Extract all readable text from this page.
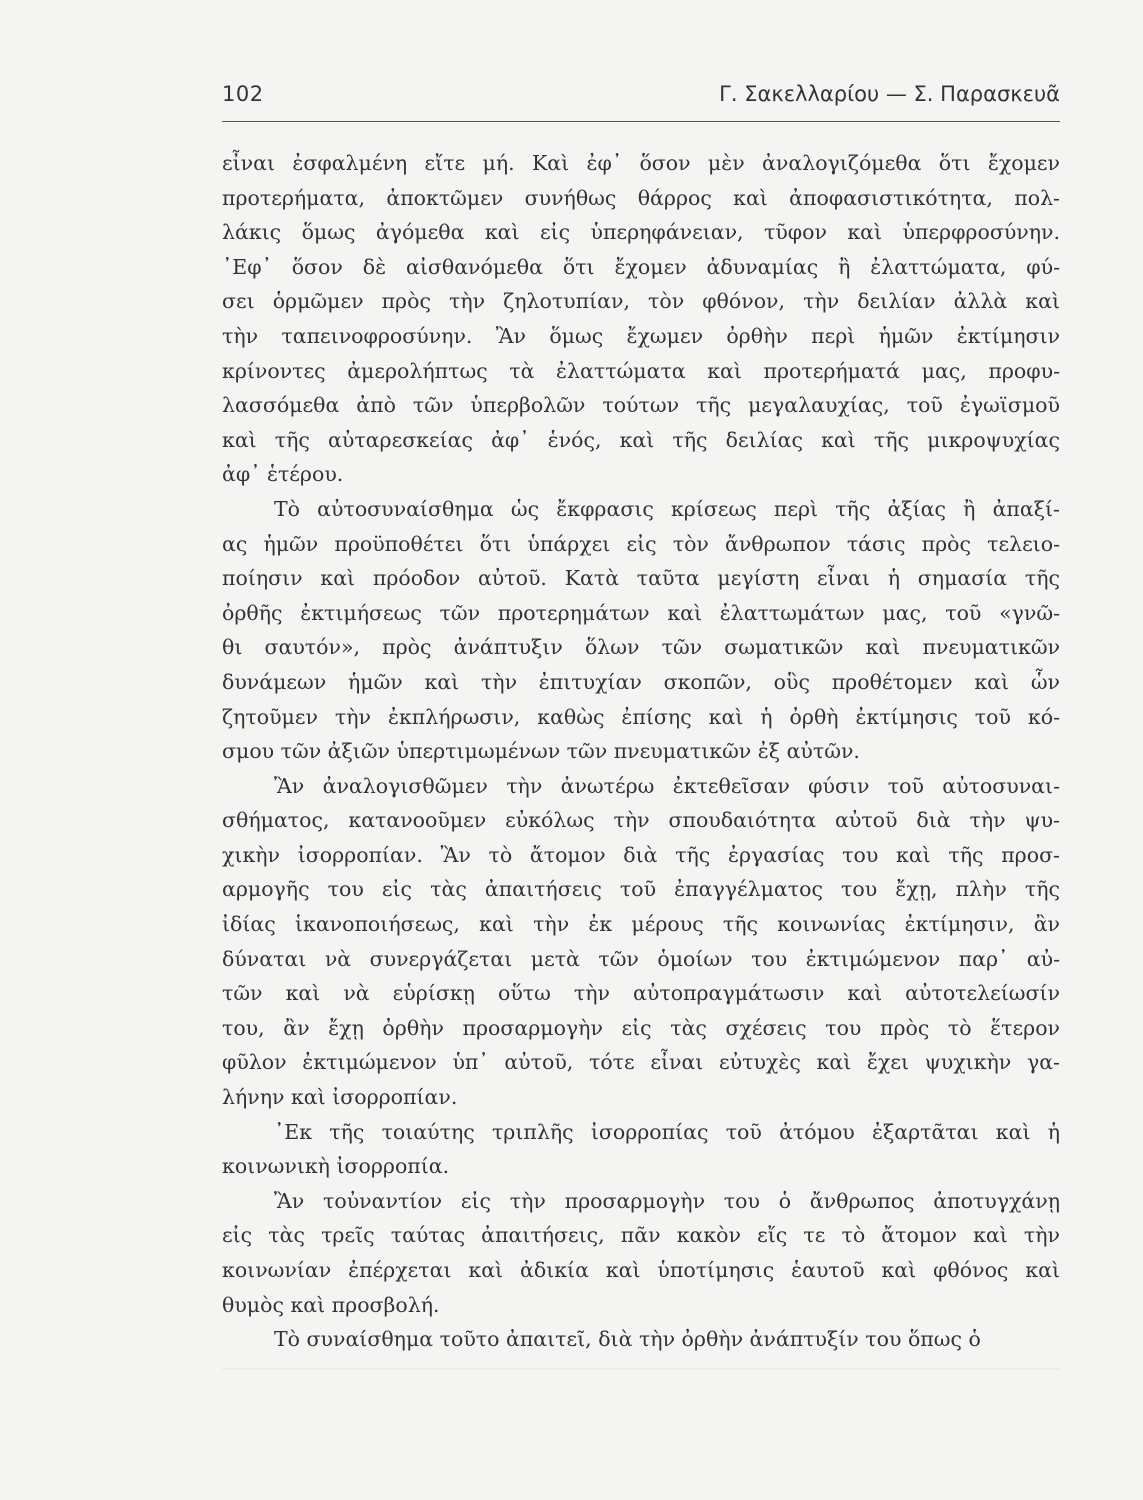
102	Γ. Σακελλαρίου — Σ. Παρασκευᾶ
εἶναι ἐσφαλμένη εἴτε μή. Καὶ ἐφ᾽ ὅσον μὲν ἀναλογιζόμεθα ὅτι ἔχομεν
προτερήματα, ἀποκτῶμεν συνήθως θάρρος καὶ ἀποφασιστικότητα, πολ-
λάκις ὅμως ἀγόμεθα καὶ εἰς ὑπερηφάνειαν, τῦφον καὶ ὑπερφροσύνην.
᾿Εφ᾽ ὅσον δὲ αἰσθανόμεθα ὅτι ἔχομεν ἀδυναμίας ἢ ἐλαττώματα, φύ-
σει ὁρμῶμεν πρὸς τὴν ζηλοτυπίαν, τὸν φθόνον, τὴν δειλίαν ἀλλὰ καὶ
τὴν ταπεινοφροσύνην. Ἂν ὅμως ἔχωμεν ὀρθὴν περὶ ἡμῶν ἐκτίμησιν
κρίνοντες ἀμερολήπτως τὰ ἐλαττώματα καὶ προτερήματά μας, προφυ-
λασσόμεθα ἀπὸ τῶν ὑπερβολῶν τούτων τῆς μεγαλαυχίας, τοῦ ἐγωϊσμοῦ
καὶ τῆς αὐταρεσκείας ἀφ᾽ ἑνός, καὶ τῆς δειλίας καὶ τῆς μικροψυχίας
ἀφ᾽ ἑτέρου.
Τὸ αὐτοσυναίσθημα ὡς ἔκφρασις κρίσεως περὶ τῆς ἀξίας ἢ ἀπαξί-
ας ἡμῶν προϋποθέτει ὅτι ὑπάρχει εἰς τὸν ἄνθρωπον τάσις πρὸς τελειο-
ποίησιν καὶ πρόοδον αὐτοῦ. Κατὰ ταῦτα μεγίστη εἶναι ἡ σημασία τῆς
ὀρθῆς ἐκτιμήσεως τῶν προτερημάτων καὶ ἐλαττωμάτων μας, τοῦ «γνῶ-
θι σαυτόν», πρὸς ἀνάπτυξιν ὅλων τῶν σωματικῶν καὶ πνευματικῶν
δυνάμεων ἡμῶν καὶ τὴν ἐπιτυχίαν σκοπῶν, οὓς προθέτομεν καὶ ὧν
ζητοῦμεν τὴν ἐκπλήρωσιν, καθὼς ἐπίσης καὶ ἡ ὀρθὴ ἐκτίμησις τοῦ κό-
σμου τῶν ἀξιῶν ὑπερτιμωμένων τῶν πνευματικῶν ἐξ αὐτῶν.
Ἂν ἀναλογισθῶμεν τὴν ἀνωτέρω ἐκτεθεῖσαν φύσιν τοῦ αὐτοσυναι-
σθήματος, κατανοοῦμεν εὐκόλως τὴν σπουδαιότητα αὐτοῦ διὰ τὴν ψυ-
χικὴν ἰσορροπίαν. Ἂν τὸ ἄτομον διὰ τῆς ἐργασίας του καὶ τῆς προσ-
αρμογῆς του εἰς τὰς ἀπαιτήσεις τοῦ ἐπαγγέλματος του ἔχῃ, πλὴν τῆς
ἰδίας ἱκανοποιήσεως, καὶ τὴν ἐκ μέρους τῆς κοινωνίας ἐκτίμησιν, ἂν
δύναται νὰ συνεργάζεται μετὰ τῶν ὁμοίων του ἐκτιμώμενον παρ᾽ αὐ-
τῶν καὶ νὰ εὑρίσκῃ οὕτω τὴν αὐτοπραγμάτωσιν καὶ αὐτοτελείωσίν
του, ἂν ἔχῃ ὀρθὴν προσαρμογὴν εἰς τὰς σχέσεις του πρὸς τὸ ἕτερον
φῦλον ἐκτιμώμενον ὑπ᾽ αὐτοῦ, τότε εἶναι εὐτυχὲς καὶ ἔχει ψυχικὴν γα-
λήνην καὶ ἰσορροπίαν.
᾿Εκ τῆς τοιαύτης τριπλῆς ἰσορροπίας τοῦ ἀτόμου ἐξαρτᾶται καὶ ἡ
κοινωνικὴ ἰσορροπία.
Ἂν τοὐναντίον εἰς τὴν προσαρμογὴν του ὁ ἄνθρωπος ἀποτυγχάνῃ
εἰς τὰς τρεῖς ταύτας ἀπαιτήσεις, πᾶν κακὸν εἴς τε τὸ ἄτομον καὶ τὴν
κοινωνίαν ἐπέρχεται καὶ ἀδικία καὶ ὑποτίμησις ἑαυτοῦ καὶ φθόνος καὶ
θυμὸς καὶ προσβολή.
Τὸ συναίσθημα τοῦτο ἀπαιτεῖ, διὰ τὴν ὀρθὴν ἀνάπτυξίν του ὅπως ὁ
